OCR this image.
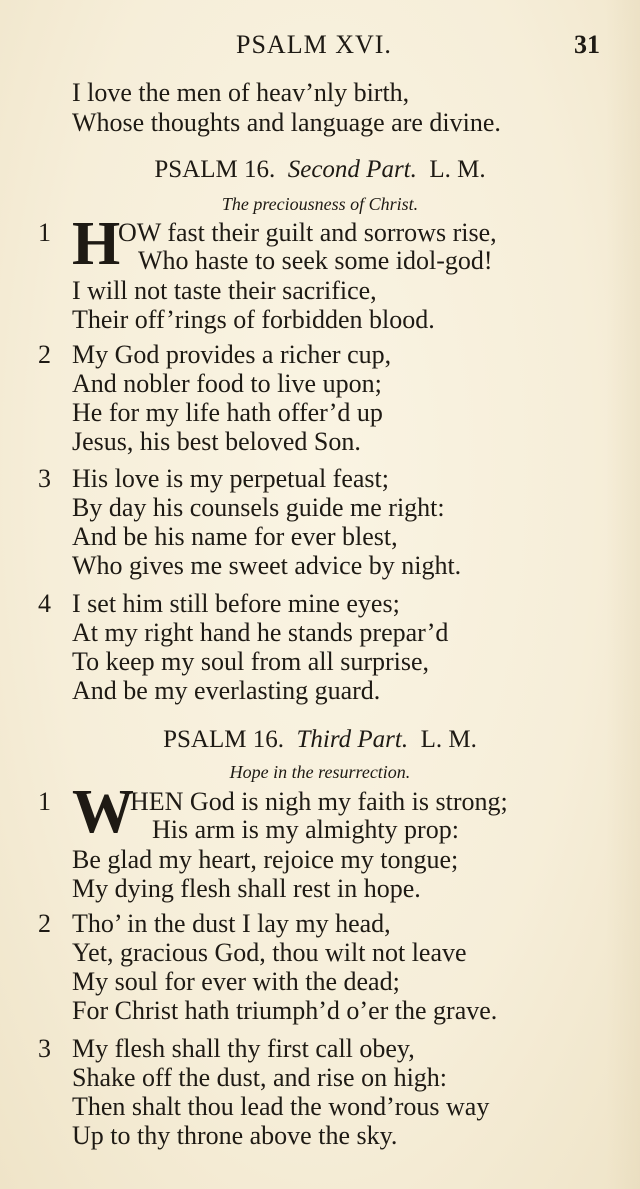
PSALM XVI.	31
I love the men of heav’nly birth,
Whose thoughts and language are divine.
PSALM 16. Second Part. L. M.
The preciousness of Christ.
1 H
OW fast their guilt and sorrows rise,
Who haste to seek some idol-god!
I will not taste their sacrifice,
Their off’rings of forbidden blood.
2 My God provides a richer cup,
And nobler food to live upon;
He for my life hath offer’d up
Jesus, his best beloved Son.
3 His love is my perpetual feast;
By day his counsels guide me right:
And be his name for ever blest,
Who gives me sweet advice by night.
4 I set him still before mine eyes;
At my right hand he stands prepar’d
To keep my soul from all surprise,
And be my everlasting guard.
PSALM 16. Third Part. L. M.
Hope in the resurrection.
1 W
HEN God is nigh my faith is strong;
His arm is my almighty prop:
Be glad my heart, rejoice my tongue;
My dying flesh shall rest in hope.
2 Tho’ in the dust I lay my head,
Yet, gracious God, thou wilt not leave
My soul for ever with the dead;
For Christ hath triumph’d o’er the grave.
3 My flesh shall thy first call obey,
Shake off the dust, and rise on high:
Then shalt thou lead the wond’rous way
Up to thy throne above the sky.
